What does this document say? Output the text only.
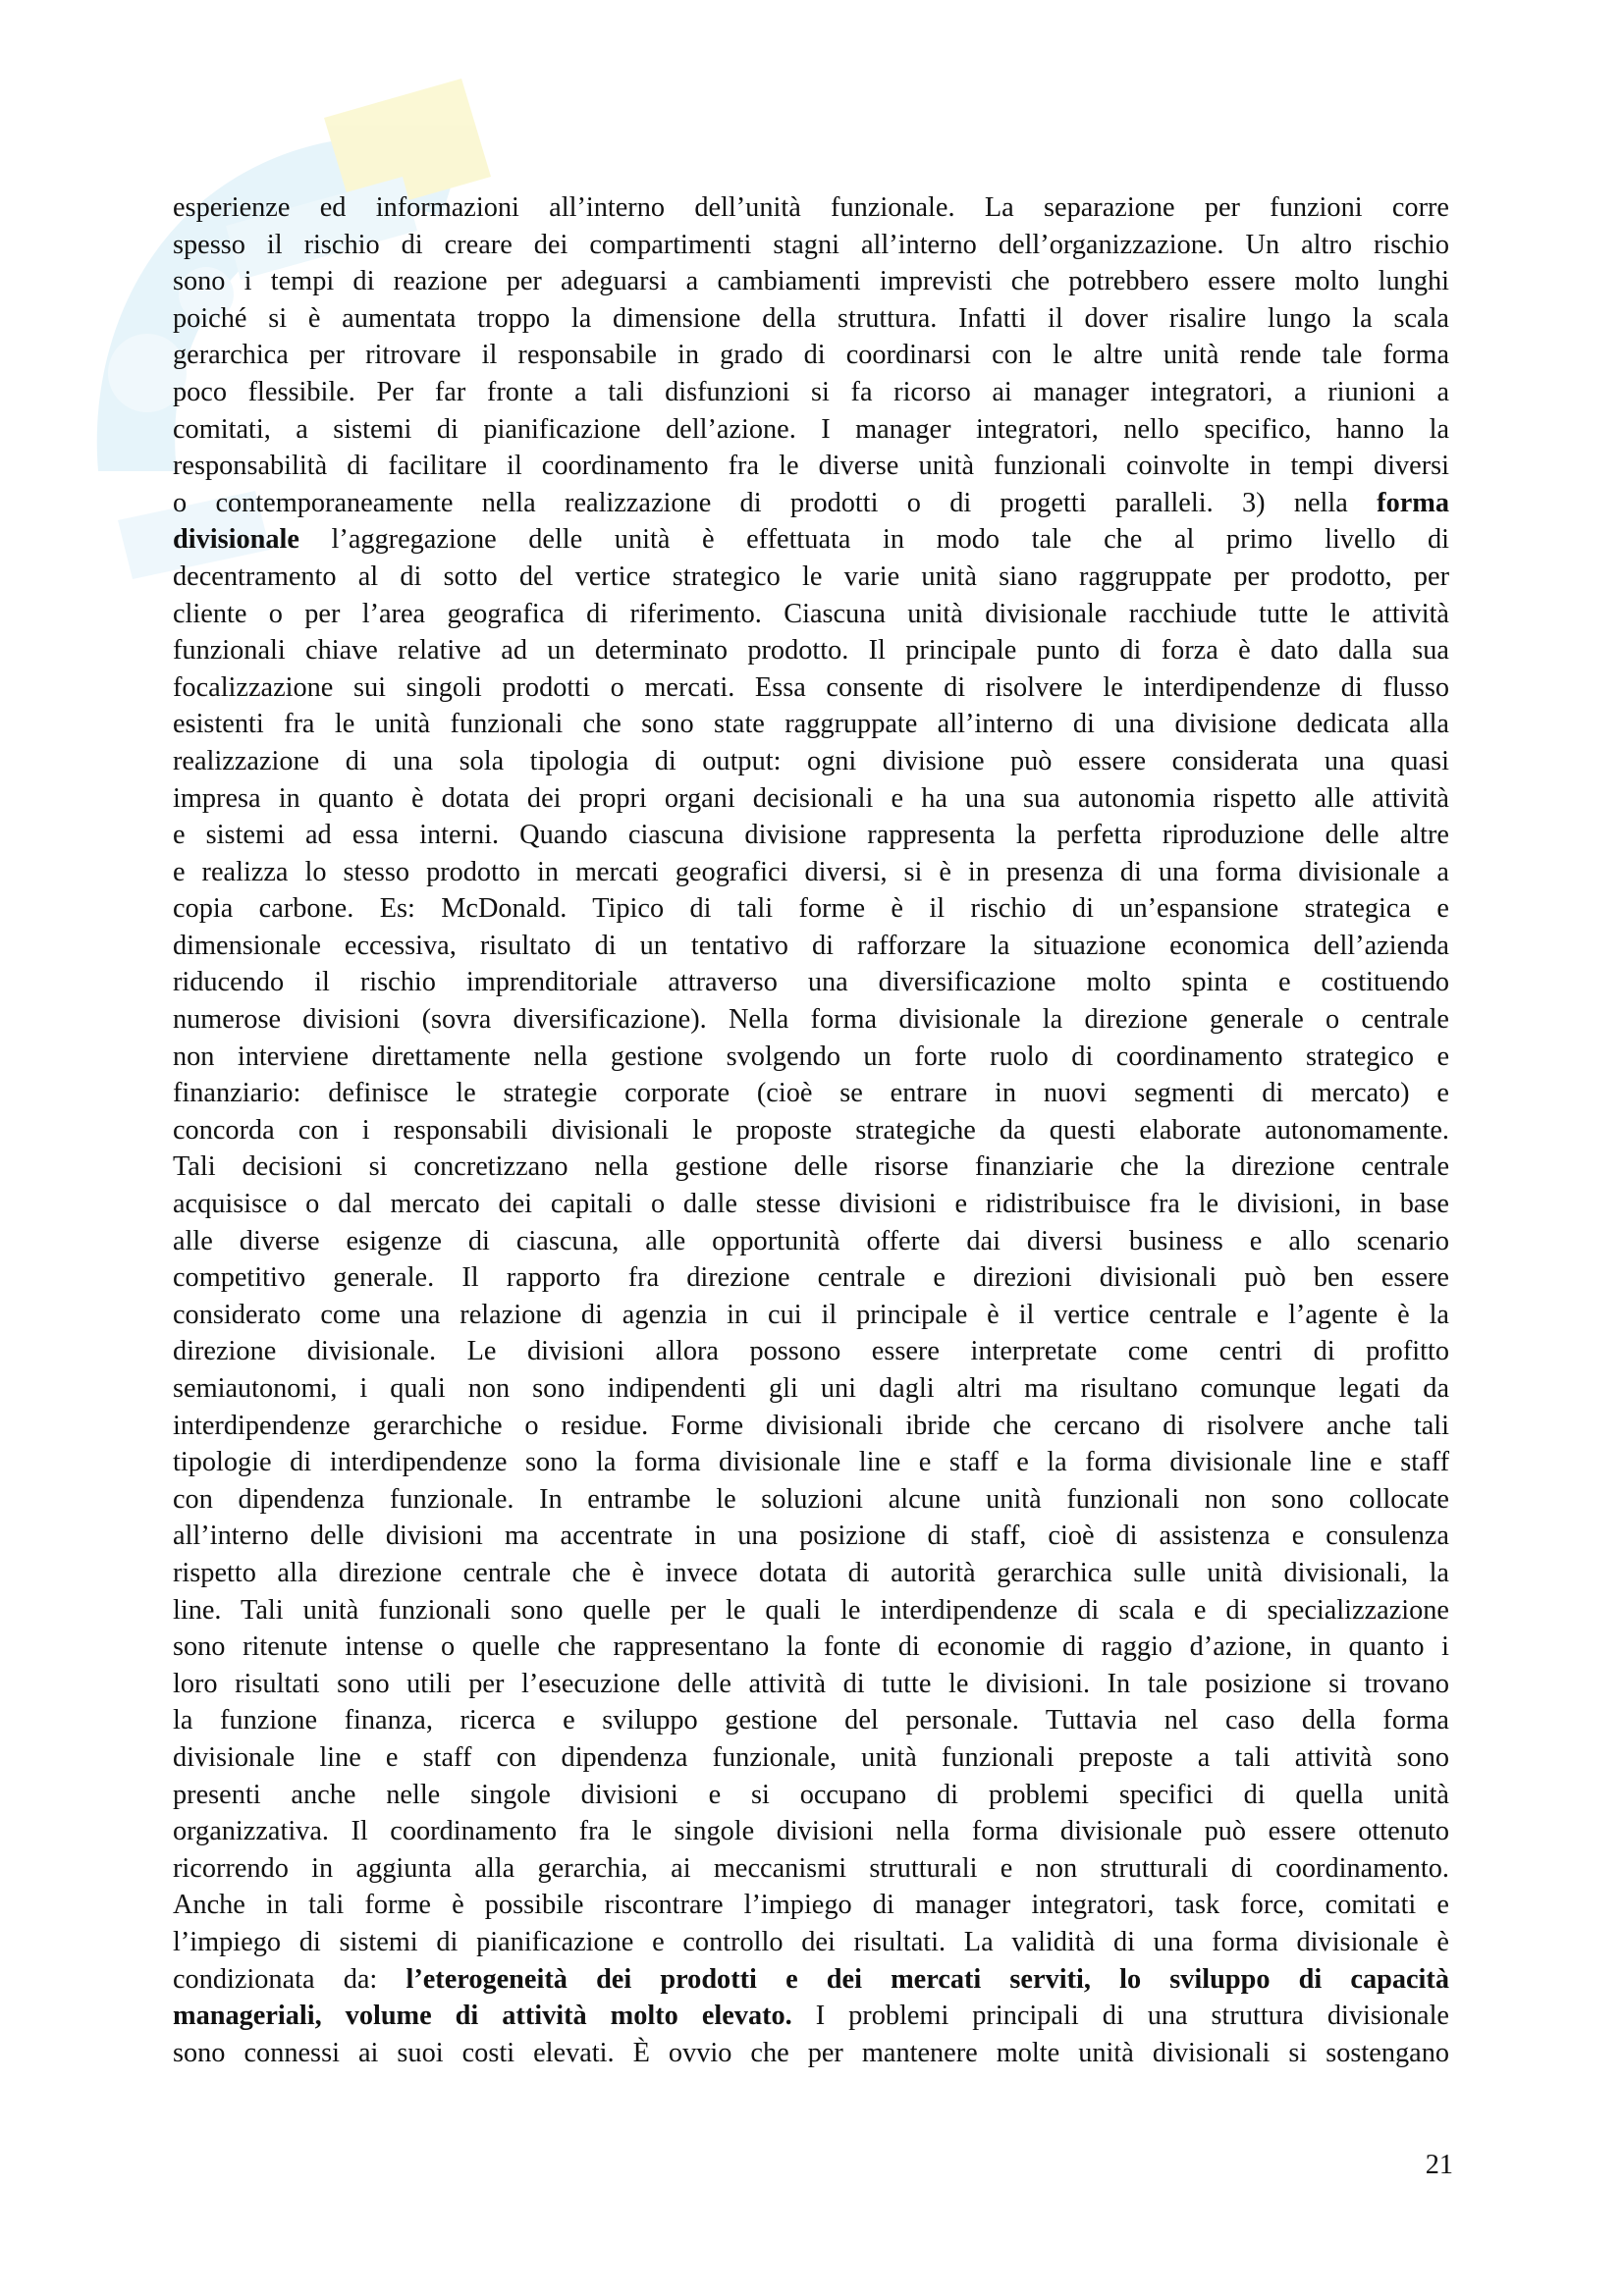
esperienze ed informazioni all’interno dell’unità funzionale. La separazione per funzioni corre
spesso il rischio di creare dei compartimenti stagni all’interno dell’organizzazione. Un altro rischio
sono i tempi di reazione per adeguarsi a cambiamenti imprevisti che potrebbero essere molto lunghi
poiché si è aumentata troppo la dimensione della struttura. Infatti il dover risalire lungo la scala
gerarchica per ritrovare il responsabile in grado di coordinarsi con le altre unità rende tale forma
poco flessibile. Per far fronte a tali disfunzioni si fa ricorso ai manager integratori, a riunioni a
comitati, a sistemi di pianificazione dell’azione. I manager integratori, nello specifico, hanno la
responsabilità di facilitare il coordinamento fra le diverse unità funzionali coinvolte in tempi diversi
o contemporaneamente nella realizzazione di prodotti o di progetti paralleli. 3) nella forma
divisionale l’aggregazione delle unità è effettuata in modo tale che al primo livello di
decentramento al di sotto del vertice strategico le varie unità siano raggruppate per prodotto, per
cliente o per l’area geografica di riferimento. Ciascuna unità divisionale racchiude tutte le attività
funzionali chiave relative ad un determinato prodotto. Il principale punto di forza è dato dalla sua
focalizzazione sui singoli prodotti o mercati. Essa consente di risolvere le interdipendenze di flusso
esistenti fra le unità funzionali che sono state raggruppate all’interno di una divisione dedicata alla
realizzazione di una sola tipologia di output: ogni divisione può essere considerata una quasi
impresa in quanto è dotata dei propri organi decisionali e ha una sua autonomia rispetto alle attività
e sistemi ad essa interni. Quando ciascuna divisione rappresenta la perfetta riproduzione delle altre
e realizza lo stesso prodotto in mercati geografici diversi, si è in presenza di una forma divisionale a
copia carbone. Es: McDonald. Tipico di tali forme è il rischio di un’espansione strategica e
dimensionale eccessiva, risultato di un tentativo di rafforzare la situazione economica dell’azienda
riducendo il rischio imprenditoriale attraverso una diversificazione molto spinta e costituendo
numerose divisioni (sovra diversificazione). Nella forma divisionale la direzione generale o centrale
non interviene direttamente nella gestione svolgendo un forte ruolo di coordinamento strategico e
finanziario: definisce le strategie corporate (cioè se entrare in nuovi segmenti di mercato) e
concorda con i responsabili divisionali le proposte strategiche da questi elaborate autonomamente.
Tali decisioni si concretizzano nella gestione delle risorse finanziarie che la direzione centrale
acquisisce o dal mercato dei capitali o dalle stesse divisioni e ridistribuisce fra le divisioni, in base
alle diverse esigenze di ciascuna, alle opportunità offerte dai diversi business e allo scenario
competitivo generale. Il rapporto fra direzione centrale e direzioni divisionali può ben essere
considerato come una relazione di agenzia in cui il principale è il vertice centrale e l’agente è la
direzione divisionale. Le divisioni allora possono essere interpretate come centri di profitto
semiautonomi, i quali non sono indipendenti gli uni dagli altri ma risultano comunque legati da
interdipendenze gerarchiche o residue. Forme divisionali ibride che cercano di risolvere anche tali
tipologie di interdipendenze sono la forma divisionale line e staff e la forma divisionale line e staff
con dipendenza funzionale. In entrambe le soluzioni alcune unità funzionali non sono collocate
all’interno delle divisioni ma accentrate in una posizione di staff, cioè di assistenza e consulenza
rispetto alla direzione centrale che è invece dotata di autorità gerarchica sulle unità divisionali, la
line. Tali unità funzionali sono quelle per le quali le interdipendenze di scala e di specializzazione
sono ritenute intense o quelle che rappresentano la fonte di economie di raggio d’azione, in quanto i
loro risultati sono utili per l’esecuzione delle attività di tutte le divisioni. In tale posizione si trovano
la funzione finanza, ricerca e sviluppo gestione del personale. Tuttavia nel caso della forma
divisionale line e staff con dipendenza funzionale, unità funzionali preposte a tali attività sono
presenti anche nelle singole divisioni e si occupano di problemi specifici di quella unità
organizzativa. Il coordinamento fra le singole divisioni nella forma divisionale può essere ottenuto
ricorrendo in aggiunta alla gerarchia, ai meccanismi strutturali e non strutturali di coordinamento.
Anche in tali forme è possibile riscontrare l’impiego di manager integratori, task force, comitati e
l’impiego di sistemi di pianificazione e controllo dei risultati. La validità di una forma divisionale è
condizionata da: l’eterogeneità dei prodotti e dei mercati serviti, lo sviluppo di capacità
manageriali, volume di attività molto elevato. I problemi principali di una struttura divisionale
sono connessi ai suoi costi elevati. È ovvio che per mantenere molte unità divisionali si sostengano
21
